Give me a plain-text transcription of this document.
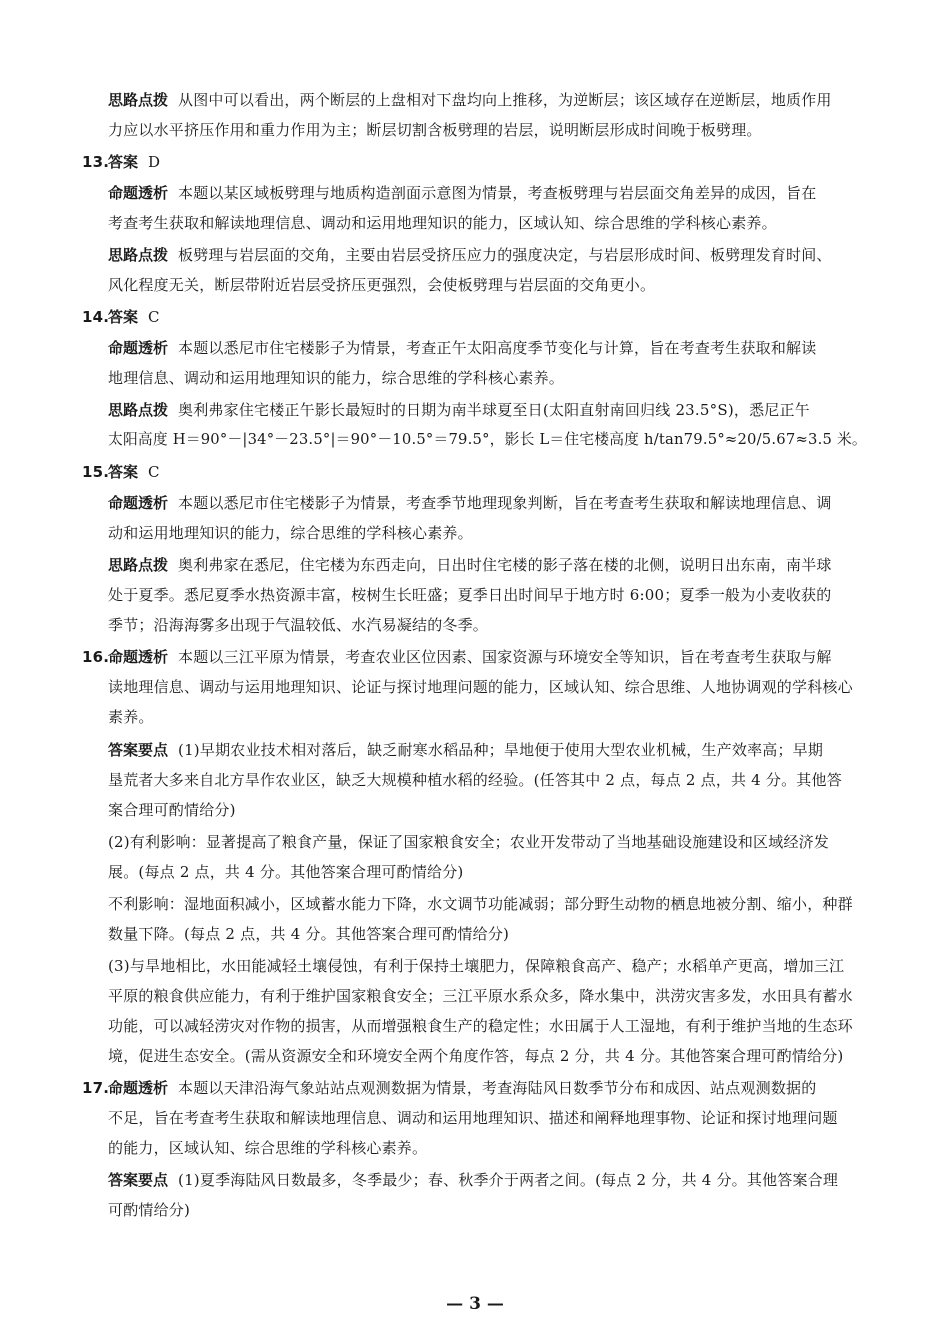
思路点拨 从图中可以看出，两个断层的上盘相对下盘均向上推移，为逆断层；该区域存在逆断层，地质作用
力应以水平挤压作用和重力作用为主；断层切割含板劈理的岩层，说明断层形成时间晚于板劈理。
13.
答案 D
命题透析 本题以某区域板劈理与地质构造剖面示意图为情景，考查板劈理与岩层面交角差异的成因，旨在
考查考生获取和解读地理信息、调动和运用地理知识的能力，区域认知、综合思维的学科核心素养。
思路点拨 板劈理与岩层面的交角，主要由岩层受挤压应力的强度决定，与岩层形成时间、板劈理发育时间、
风化程度无关，断层带附近岩层受挤压更强烈，会使板劈理与岩层面的交角更小。
14.
答案 C
命题透析 本题以悉尼市住宅楼影子为情景，考查正午太阳高度季节变化与计算，旨在考查考生获取和解读
地理信息、调动和运用地理知识的能力，综合思维的学科核心素养。
思路点拨 奥利弗家住宅楼正午影长最短时的日期为南半球夏至日(太阳直射南回归线 23.5°S)，悉尼正午
太阳高度 H＝90°－|34°－23.5°|＝90°－10.5°＝79.5°，影长 L＝住宅楼高度 h/tan79.5°≈20/5.67≈3.5 米。
15.
答案 C
命题透析 本题以悉尼市住宅楼影子为情景，考查季节地理现象判断，旨在考查考生获取和解读地理信息、调
动和运用地理知识的能力，综合思维的学科核心素养。
思路点拨 奥利弗家在悉尼，住宅楼为东西走向，日出时住宅楼的影子落在楼的北侧，说明日出东南，南半球
处于夏季。悉尼夏季水热资源丰富，桉树生长旺盛；夏季日出时间早于地方时 6:00；夏季一般为小麦收获的
季节；沿海海雾多出现于气温较低、水汽易凝结的冬季。
16.
命题透析 本题以三江平原为情景，考查农业区位因素、国家资源与环境安全等知识，旨在考查考生获取与解
读地理信息、调动与运用地理知识、论证与探讨地理问题的能力，区域认知、综合思维、人地协调观的学科核心
素养。
答案要点 (1)早期农业技术相对落后，缺乏耐寒水稻品种；旱地便于使用大型农业机械，生产效率高；早期
垦荒者大多来自北方旱作农业区，缺乏大规模种植水稻的经验。(任答其中 2 点，每点 2 点，共 4 分。其他答
案合理可酌情给分)
(2)有利影响：显著提高了粮食产量，保证了国家粮食安全；农业开发带动了当地基础设施建设和区域经济发
展。(每点 2 点，共 4 分。其他答案合理可酌情给分)
不利影响：湿地面积减小，区域蓄水能力下降，水文调节功能减弱；部分野生动物的栖息地被分割、缩小，种群
数量下降。(每点 2 点，共 4 分。其他答案合理可酌情给分)
(3)与旱地相比，水田能减轻土壤侵蚀，有利于保持土壤肥力，保障粮食高产、稳产；水稻单产更高，增加三江
平原的粮食供应能力，有利于维护国家粮食安全；三江平原水系众多，降水集中，洪涝灾害多发，水田具有蓄水
功能，可以减轻涝灾对作物的损害，从而增强粮食生产的稳定性；水田属于人工湿地，有利于维护当地的生态环
境，促进生态安全。(需从资源安全和环境安全两个角度作答，每点 2 分，共 4 分。其他答案合理可酌情给分)
17.
命题透析 本题以天津沿海气象站站点观测数据为情景，考查海陆风日数季节分布和成因、站点观测数据的
不足，旨在考查考生获取和解读地理信息、调动和运用地理知识、描述和阐释地理事物、论证和探讨地理问题
的能力，区域认知、综合思维的学科核心素养。
答案要点 (1)夏季海陆风日数最多，冬季最少；春、秋季介于两者之间。(每点 2 分，共 4 分。其他答案合理
可酌情给分)
— 3 —
